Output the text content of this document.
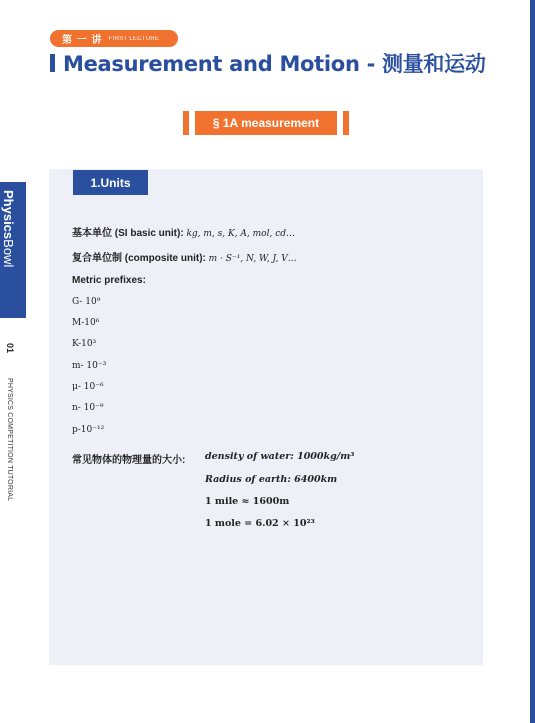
第 一 讲 FIRST LECTURE
Measurement and Motion - 测量和运动
§ 1A measurement
PhysicsBowl
01
PHYSICS COMPETITION TUTORIAL
1.Units
基本单位 (SI basic unit): kg, m, s, K, A, mol, cd…
复合单位制 (composite unit): m · S⁻¹, N, W, J, V…
Metric prefixes:
G- 10⁹
M-10⁶
K-10³
m- 10⁻³
μ- 10⁻⁶
n- 10⁻⁹
p-10⁻¹²
常见物体的物理量的大小: density of water: 1000kg/m³
Radius of earth: 6400km
1 mile ≈ 1600m
1 mole = 6.02 × 10²³
